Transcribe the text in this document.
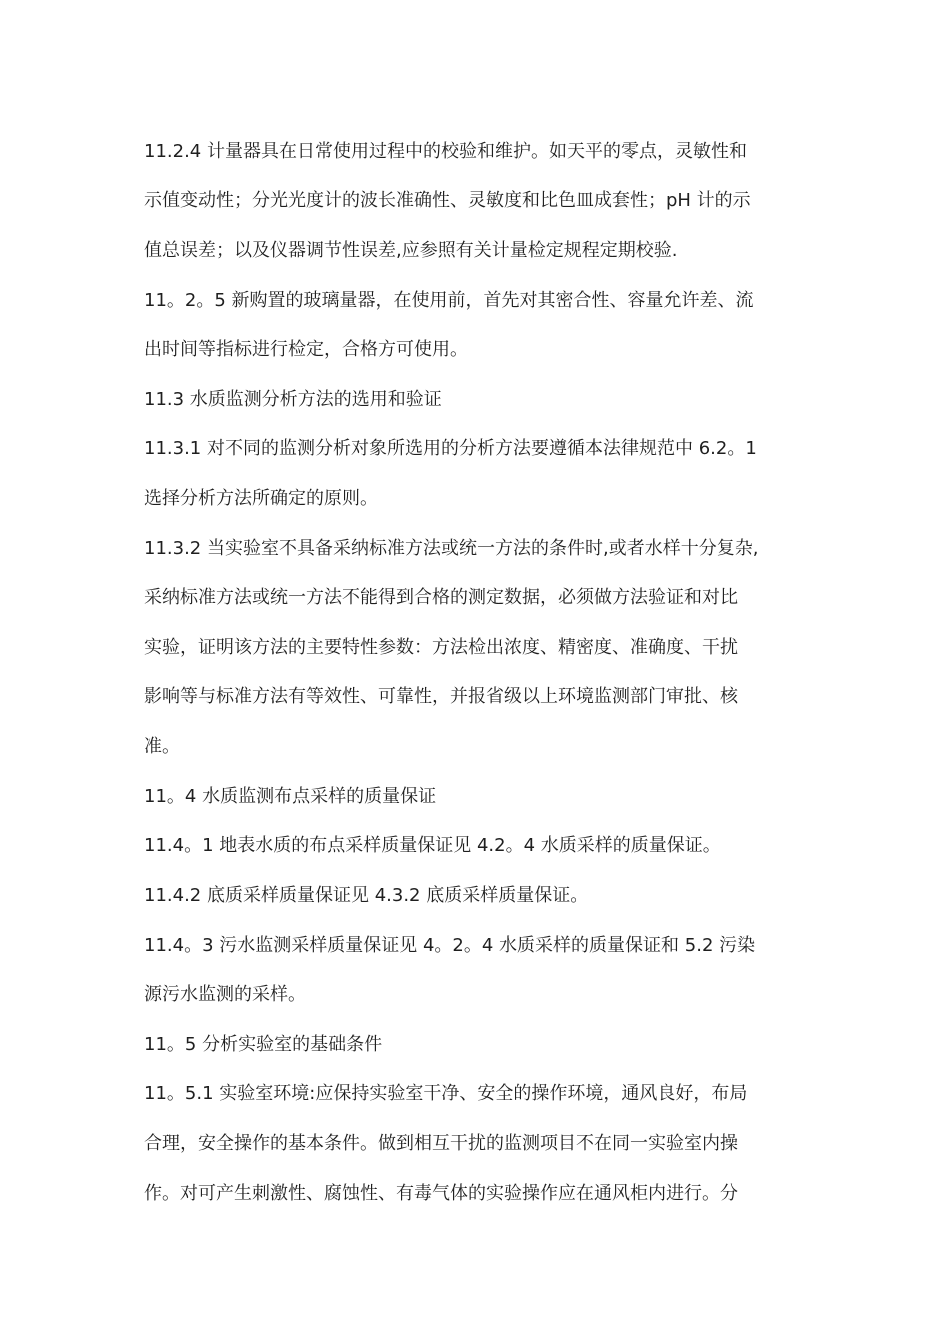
11.2.4 计量器具在日常使用过程中的校验和维护。如天平的零点，灵敏性和
示值变动性；分光光度计的波长准确性、灵敏度和比色皿成套性；pH 计的示
值总误差；以及仪器调节性误差,应参照有关计量检定规程定期校验.
11。2。5 新购置的玻璃量器，在使用前，首先对其密合性、容量允许差、流
出时间等指标进行检定，合格方可使用。
11.3 水质监测分析方法的选用和验证
11.3.1 对不同的监测分析对象所选用的分析方法要遵循本法律规范中 6.2。1
选择分析方法所确定的原则。
11.3.2 当实验室不具备采纳标准方法或统一方法的条件时,或者水样十分复杂,
采纳标准方法或统一方法不能得到合格的测定数据，必须做方法验证和对比
实验，证明该方法的主要特性参数：方法检出浓度、精密度、准确度、干扰
影响等与标准方法有等效性、可靠性，并报省级以上环境监测部门审批、核
准。
11。4 水质监测布点采样的质量保证
11.4。1 地表水质的布点采样质量保证见 4.2。4 水质采样的质量保证。
11.4.2 底质采样质量保证见 4.3.2 底质采样质量保证。
11.4。3 污水监测采样质量保证见 4。2。4 水质采样的质量保证和 5.2 污染
源污水监测的采样。
11。5 分析实验室的基础条件
11。5.1 实验室环境:应保持实验室干净、安全的操作环境，通风良好，布局
合理，安全操作的基本条件。做到相互干扰的监测项目不在同一实验室内操
作。对可产生刺激性、腐蚀性、有毒气体的实验操作应在通风柜内进行。分
